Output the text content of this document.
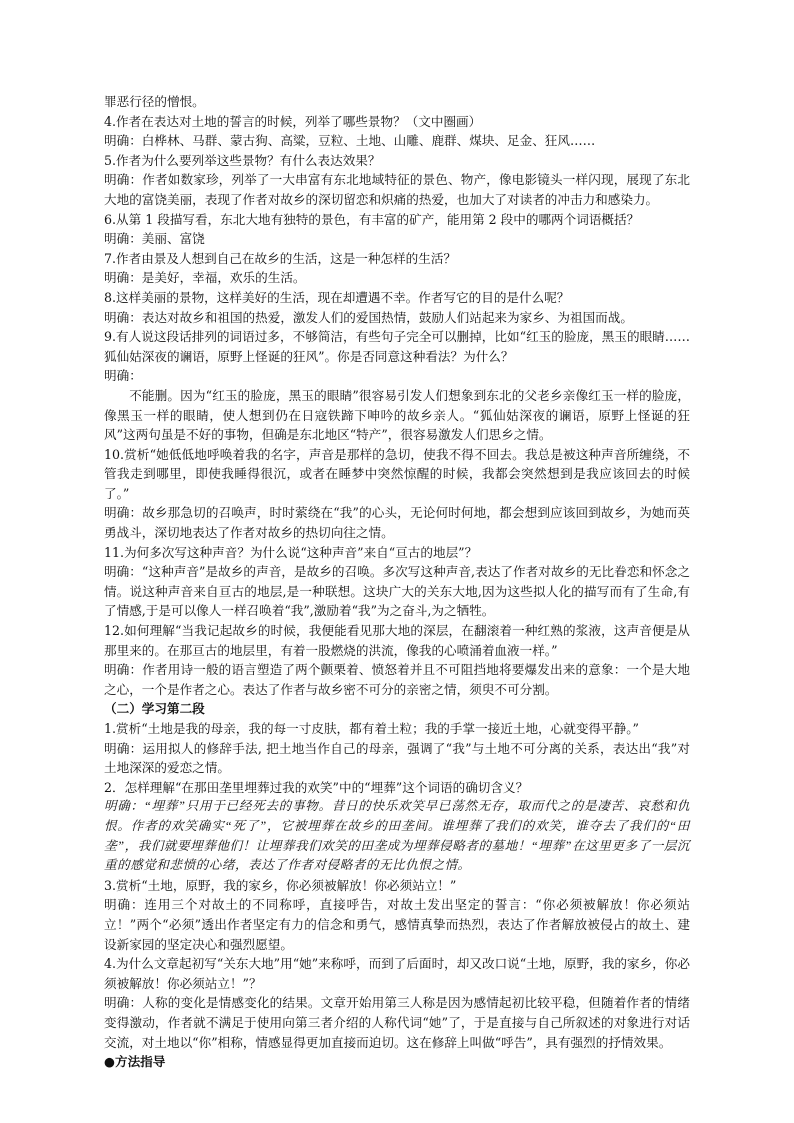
罪恶行径的憎恨。

4.作者在表达对土地的誓言的时候，列举了哪些景物？（文中圈画）

明确：白桦林、马群、蒙古狗、高粱，豆粒、土地、山雕、鹿群、煤块、足金、狂风……

5.作者为什么要列举这些景物？有什么表达效果？

明确：作者如数家珍，列举了一大串富有东北地域特征的景色、物产，像电影镜头一样闪现，展现了东北大地的富饶美丽，表现了作者对故乡的深切留恋和炽痛的热爱，也加大了对读者的冲击力和感染力。

6.从第 1 段描写看，东北大地有独特的景色，有丰富的矿产，能用第 2 段中的哪两个词语概括？

明确：美丽、富饶

7.作者由景及人想到自己在故乡的生活，这是一种怎样的生活？

明确：是美好，幸福，欢乐的生活。

8.这样美丽的景物，这样美好的生活，现在却遭遇不幸。作者写它的目的是什么呢？

明确：表达对故乡和祖国的热爱，激发人们的爱国热情，鼓励人们站起来为家乡、为祖国而战。

9.有人说这段话排列的词语过多，不够简洁，有些句子完全可以删掉，比如“红玉的脸庞，黑玉的眼睛……狐仙姑深夜的谰语，原野上怪诞的狂风”。你是否同意这种看法？为什么？

明确：

不能删。因为“红玉的脸庞，黑玉的眼睛”很容易引发人们想象到东北的父老乡亲像红玉一样的脸庞，像黑玉一样的眼睛，使人想到仍在日寇铁蹄下呻吟的故乡亲人。“狐仙姑深夜的谰语，原野上怪诞的狂风”这两句虽是不好的事物，但确是东北地区“特产”，很容易激发人们思乡之情。

10.赏析“她低低地呼唤着我的名字，声音是那样的急切，使我不得不回去。我总是被这种声音所缠绕，不管我走到哪里，即使我睡得很沉，或者在睡梦中突然惊醒的时候，我都会突然想到是我应该回去的时候了。”

明确：故乡那急切的召唤声，时时萦绕在“我”的心头，无论何时何地，都会想到应该回到故乡，为她而英勇战斗，深切地表达了作者对故乡的热切向往之情。

11.为何多次写这种声音？为什么说“这种声音”来自“亘古的地层”？

明确：“这种声音”是故乡的声音，是故乡的召唤。多次写这种声音,表达了作者对故乡的无比眷恋和怀念之情。说这种声音来自亘古的地层,是一种联想。这块广大的关东大地,因为这些拟人化的描写而有了生命,有了情感,于是可以像人一样召唤着“我”,激励着“我”为之奋斗,为之牺牲。

12.如何理解“当我记起故乡的时候，我便能看见那大地的深层，在翻滚着一种红熟的浆液，这声音便是从那里来的。在那亘古的地层里，有着一股燃烧的洪流，像我的心喷涌着血液一样。”

明确：作者用诗一般的语言塑造了两个颤栗着、愤怒着并且不可阻挡地将要爆发出来的意象：一个是大地之心，一个是作者之心。表达了作者与故乡密不可分的亲密之情，须臾不可分割。

（二）学习第二段

1.赏析“土地是我的母亲，我的每一寸皮肤，都有着土粒；我的手掌一接近土地，心就变得平静。”

明确：运用拟人的修辞手法, 把土地当作自己的母亲，强调了“我”与土地不可分离的关系，表达出“我”对土地深深的爱恋之情。

2．怎样理解“在那田垄里埋葬过我的欢笑”中的“埋葬”这个词语的确切含义？

明确：“埋葬”只用于已经死去的事物。昔日的快乐欢笑早已荡然无存，取而代之的是凄苦、哀愁和仇恨。作者的欢笑确实“死了”，它被埋葬在故乡的田垄间。谁埋葬了我们的欢笑，谁夺去了我们的“田垄”，我们就要埋葬他们！让埋葬我们欢笑的田垄成为埋葬侵略者的墓地！“埋葬”在这里更多了一层沉重的感觉和悲愤的心绪，表达了作者对侵略者的无比仇恨之情。

3.赏析“土地，原野，我的家乡，你必须被解放！你必须站立！”

明确：连用三个对故土的不同称呼，直接呼告，对故土发出坚定的誓言：“你必须被解放！你必须站立！”两个“必须”透出作者坚定有力的信念和勇气，感情真挚而热烈，表达了作者解放被侵占的故土、建设新家园的坚定决心和强烈愿望。

4.为什么文章起初写“关东大地”用“她”来称呼，而到了后面时，却又改口说“土地，原野，我的家乡，你必须被解放！你必须站立！”？

明确：人称的变化是情感变化的结果。文章开始用第三人称是因为感情起初比较平稳，但随着作者的情绪变得激动，作者就不满足于使用向第三者介绍的人称代词“她”了，于是直接与自己所叙述的对象进行对话交流，对土地以“你”相称，情感显得更加直接而迫切。这在修辞上叫做“呼告”，具有强烈的抒情效果。

●方法指导
